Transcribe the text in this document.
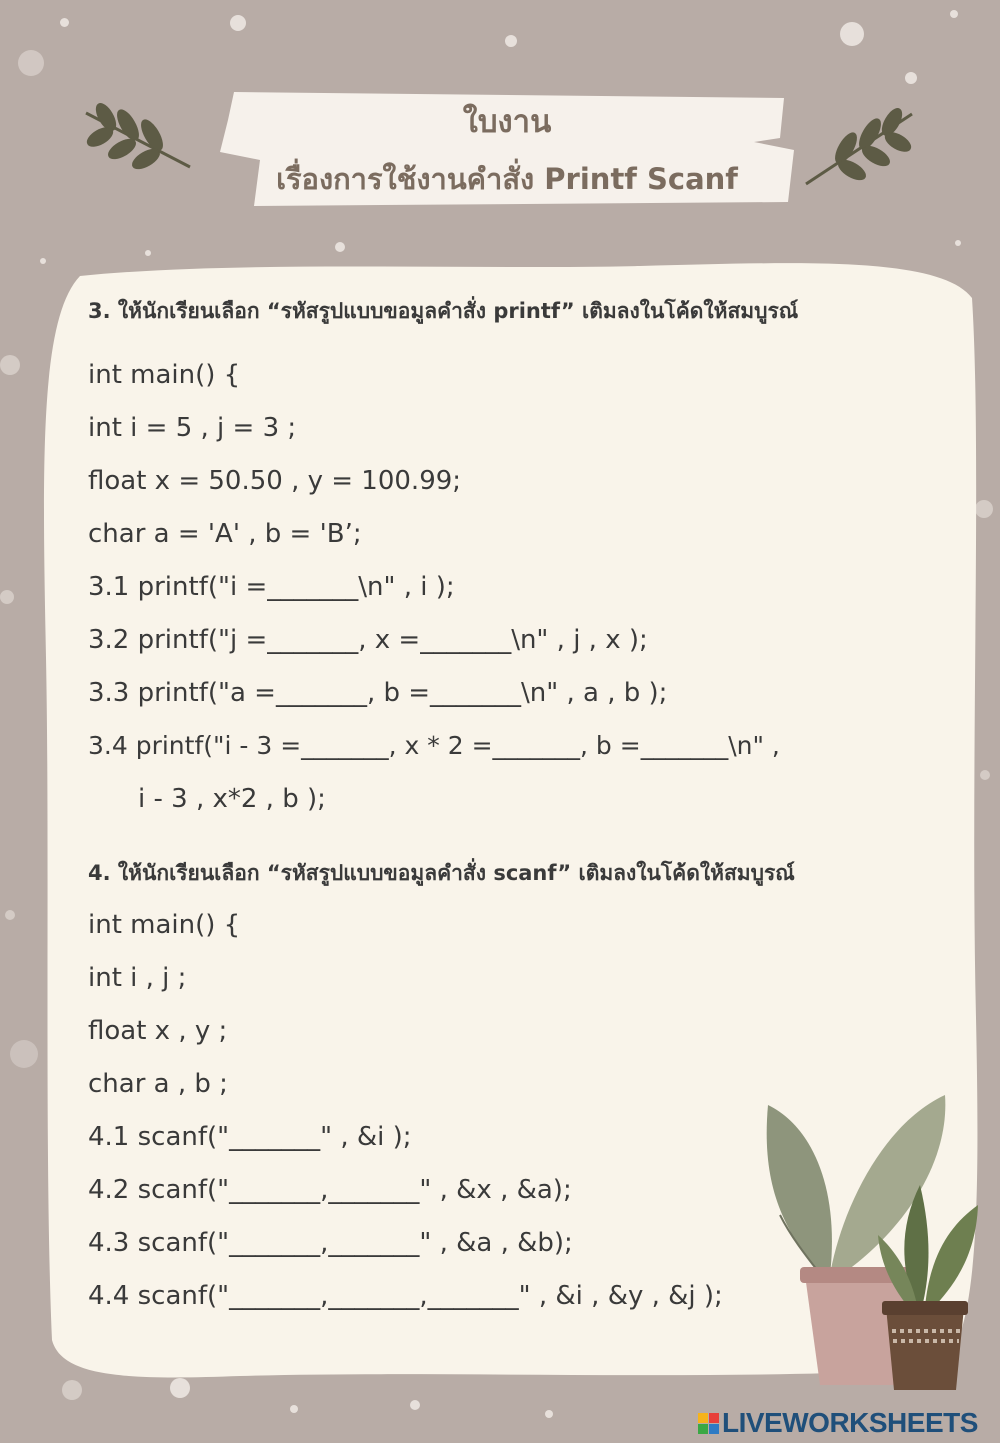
ใบงาน
เรื่องการใช้งานคำสั่ง Printf Scanf
3. ให้นักเรียนเลือก “รหัสรูปแบบขอมูลคำสั่ง printf” เติมลงในโค้ดให้สมบูรณ์
int main() {
int i = 5 , j = 3 ;
float x = 50.50 , y = 100.99;
char a = 'A' , b = 'B’;
3.1 printf("i =_______\n" , i );
3.2 printf("j =_______, x =_______\n" , j , x );
3.3 printf("a =_______, b =_______\n" , a , b );
3.4 printf("i - 3 =_______, x * 2 =_______, b =_______\n" ,
i - 3 , x*2 , b );
4. ให้นักเรียนเลือก “รหัสรูปแบบขอมูลคำสั่ง scanf” เติมลงในโค้ดให้สมบูรณ์
int main() {
int i , j ;
float x , y ;
char a , b ;
4.1 scanf("_______" , &i );
4.2 scanf("_______,_______" , &x , &a);
4.3 scanf("_______,_______" , &a , &b);
4.4 scanf("_______,_______,_______" , &i , &y , &j );
LIVEWORKSHEETS
